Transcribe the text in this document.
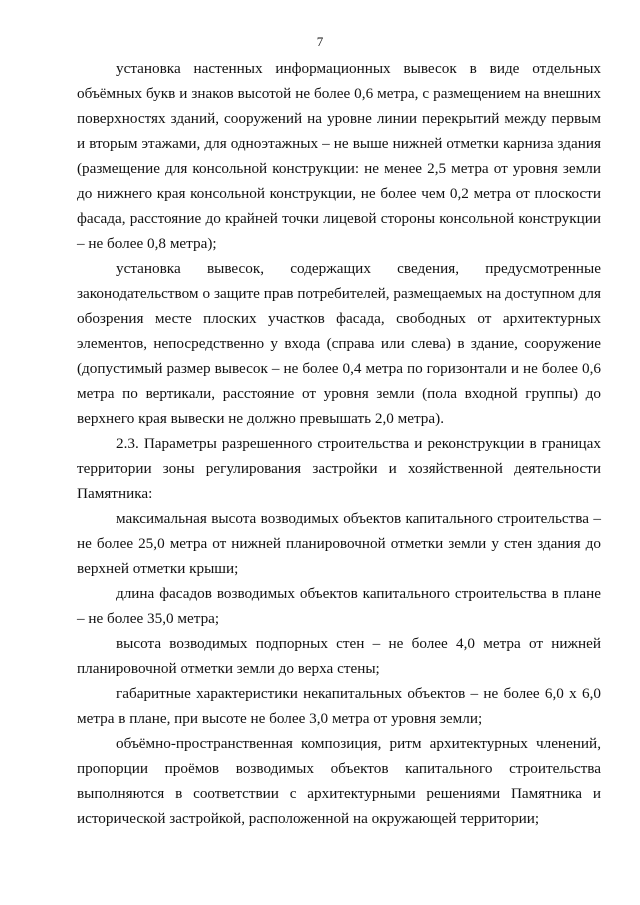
7

установка настенных информационных вывесок в виде отдельных объёмных букв и знаков высотой не более 0,6 метра, с размещением на внешних поверхностях зданий, сооружений на уровне линии перекрытий между первым и вторым этажами, для одноэтажных – не выше нижней отметки карниза здания (размещение для консольной конструкции: не менее 2,5 метра от уровня земли до нижнего края консольной конструкции, не более чем 0,2 метра от плоскости фасада, расстояние до крайней точки лицевой стороны консольной конструкции – не более 0,8 метра);

установка вывесок, содержащих сведения, предусмотренные законодательством о защите прав потребителей, размещаемых на доступном для обозрения месте плоских участков фасада, свободных от архитектурных элементов, непосредственно у входа (справа или слева) в здание, сооружение (допустимый размер вывесок – не более 0,4 метра по горизонтали и не более 0,6 метра по вертикали, расстояние от уровня земли (пола входной группы) до верхнего края вывески не должно превышать 2,0 метра).

2.3. Параметры разрешенного строительства и реконструкции в границах территории зоны регулирования застройки и хозяйственной деятельности Памятника:

максимальная высота возводимых объектов капитального строительства – не более 25,0 метра от нижней планировочной отметки земли у стен здания до верхней отметки крыши;

длина фасадов возводимых объектов капитального строительства в плане – не более 35,0 метра;

высота возводимых подпорных стен – не более 4,0 метра от нижней планировочной отметки земли до верха стены;

габаритные характеристики некапитальных объектов – не более 6,0 х 6,0 метра в плане, при высоте не более 3,0 метра от уровня земли;

объёмно-пространственная композиция, ритм архитектурных членений, пропорции проёмов возводимых объектов капитального строительства выполняются в соответствии с архитектурными решениями Памятника и исторической застройкой, расположенной на окружающей территории;
